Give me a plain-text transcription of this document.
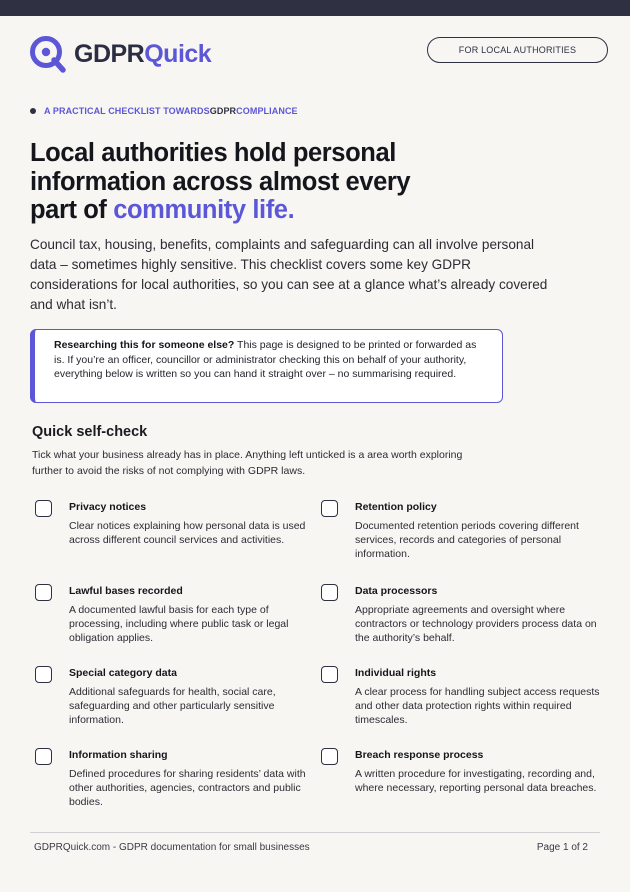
GDPRQuick	FOR LOCAL AUTHORITIES
A PRACTICAL CHECKLIST TOWARDS GDPR COMPLIANCE
Local authorities hold personal
information across almost every
part of community life.

Council tax, housing, benefits, complaints and safeguarding can all involve personal data – sometimes highly sensitive. This checklist covers some key GDPR considerations for local authorities, so you can see at a glance what’s already covered and what isn’t.

Researching this for someone else? This page is designed to be printed or forwarded as is. If you’re an officer, councillor or administrator checking this on behalf of your authority, everything below is written so you can hand it straight over – no summarising required.
Quick self-check

Tick what your business already has in place. Anything left unticked is a area worth exploring further to avoid the risks of not complying with GDPR laws.

Privacy notices
Clear notices explaining how personal data is used across different council services and activities.
Retention policy
Documented retention periods covering different services, records and categories of personal information.
Lawful bases recorded
A documented lawful basis for each type of processing, including where public task or legal obligation applies.
Data processors
Appropriate agreements and oversight where contractors or technology providers process data on the authority’s behalf.
Special category data
Additional safeguards for health, social care, safeguarding and other particularly sensitive information.
Individual rights
A clear process for handling subject access requests and other data protection rights within required timescales.
Information sharing
Defined procedures for sharing residents’ data with other authorities, agencies, contractors and public bodies.
Breach response process
A written procedure for investigating, recording and, where necessary, reporting personal data breaches.
GDPRQuick.com - GDPR documentation for small businesses	Page 1 of 2
